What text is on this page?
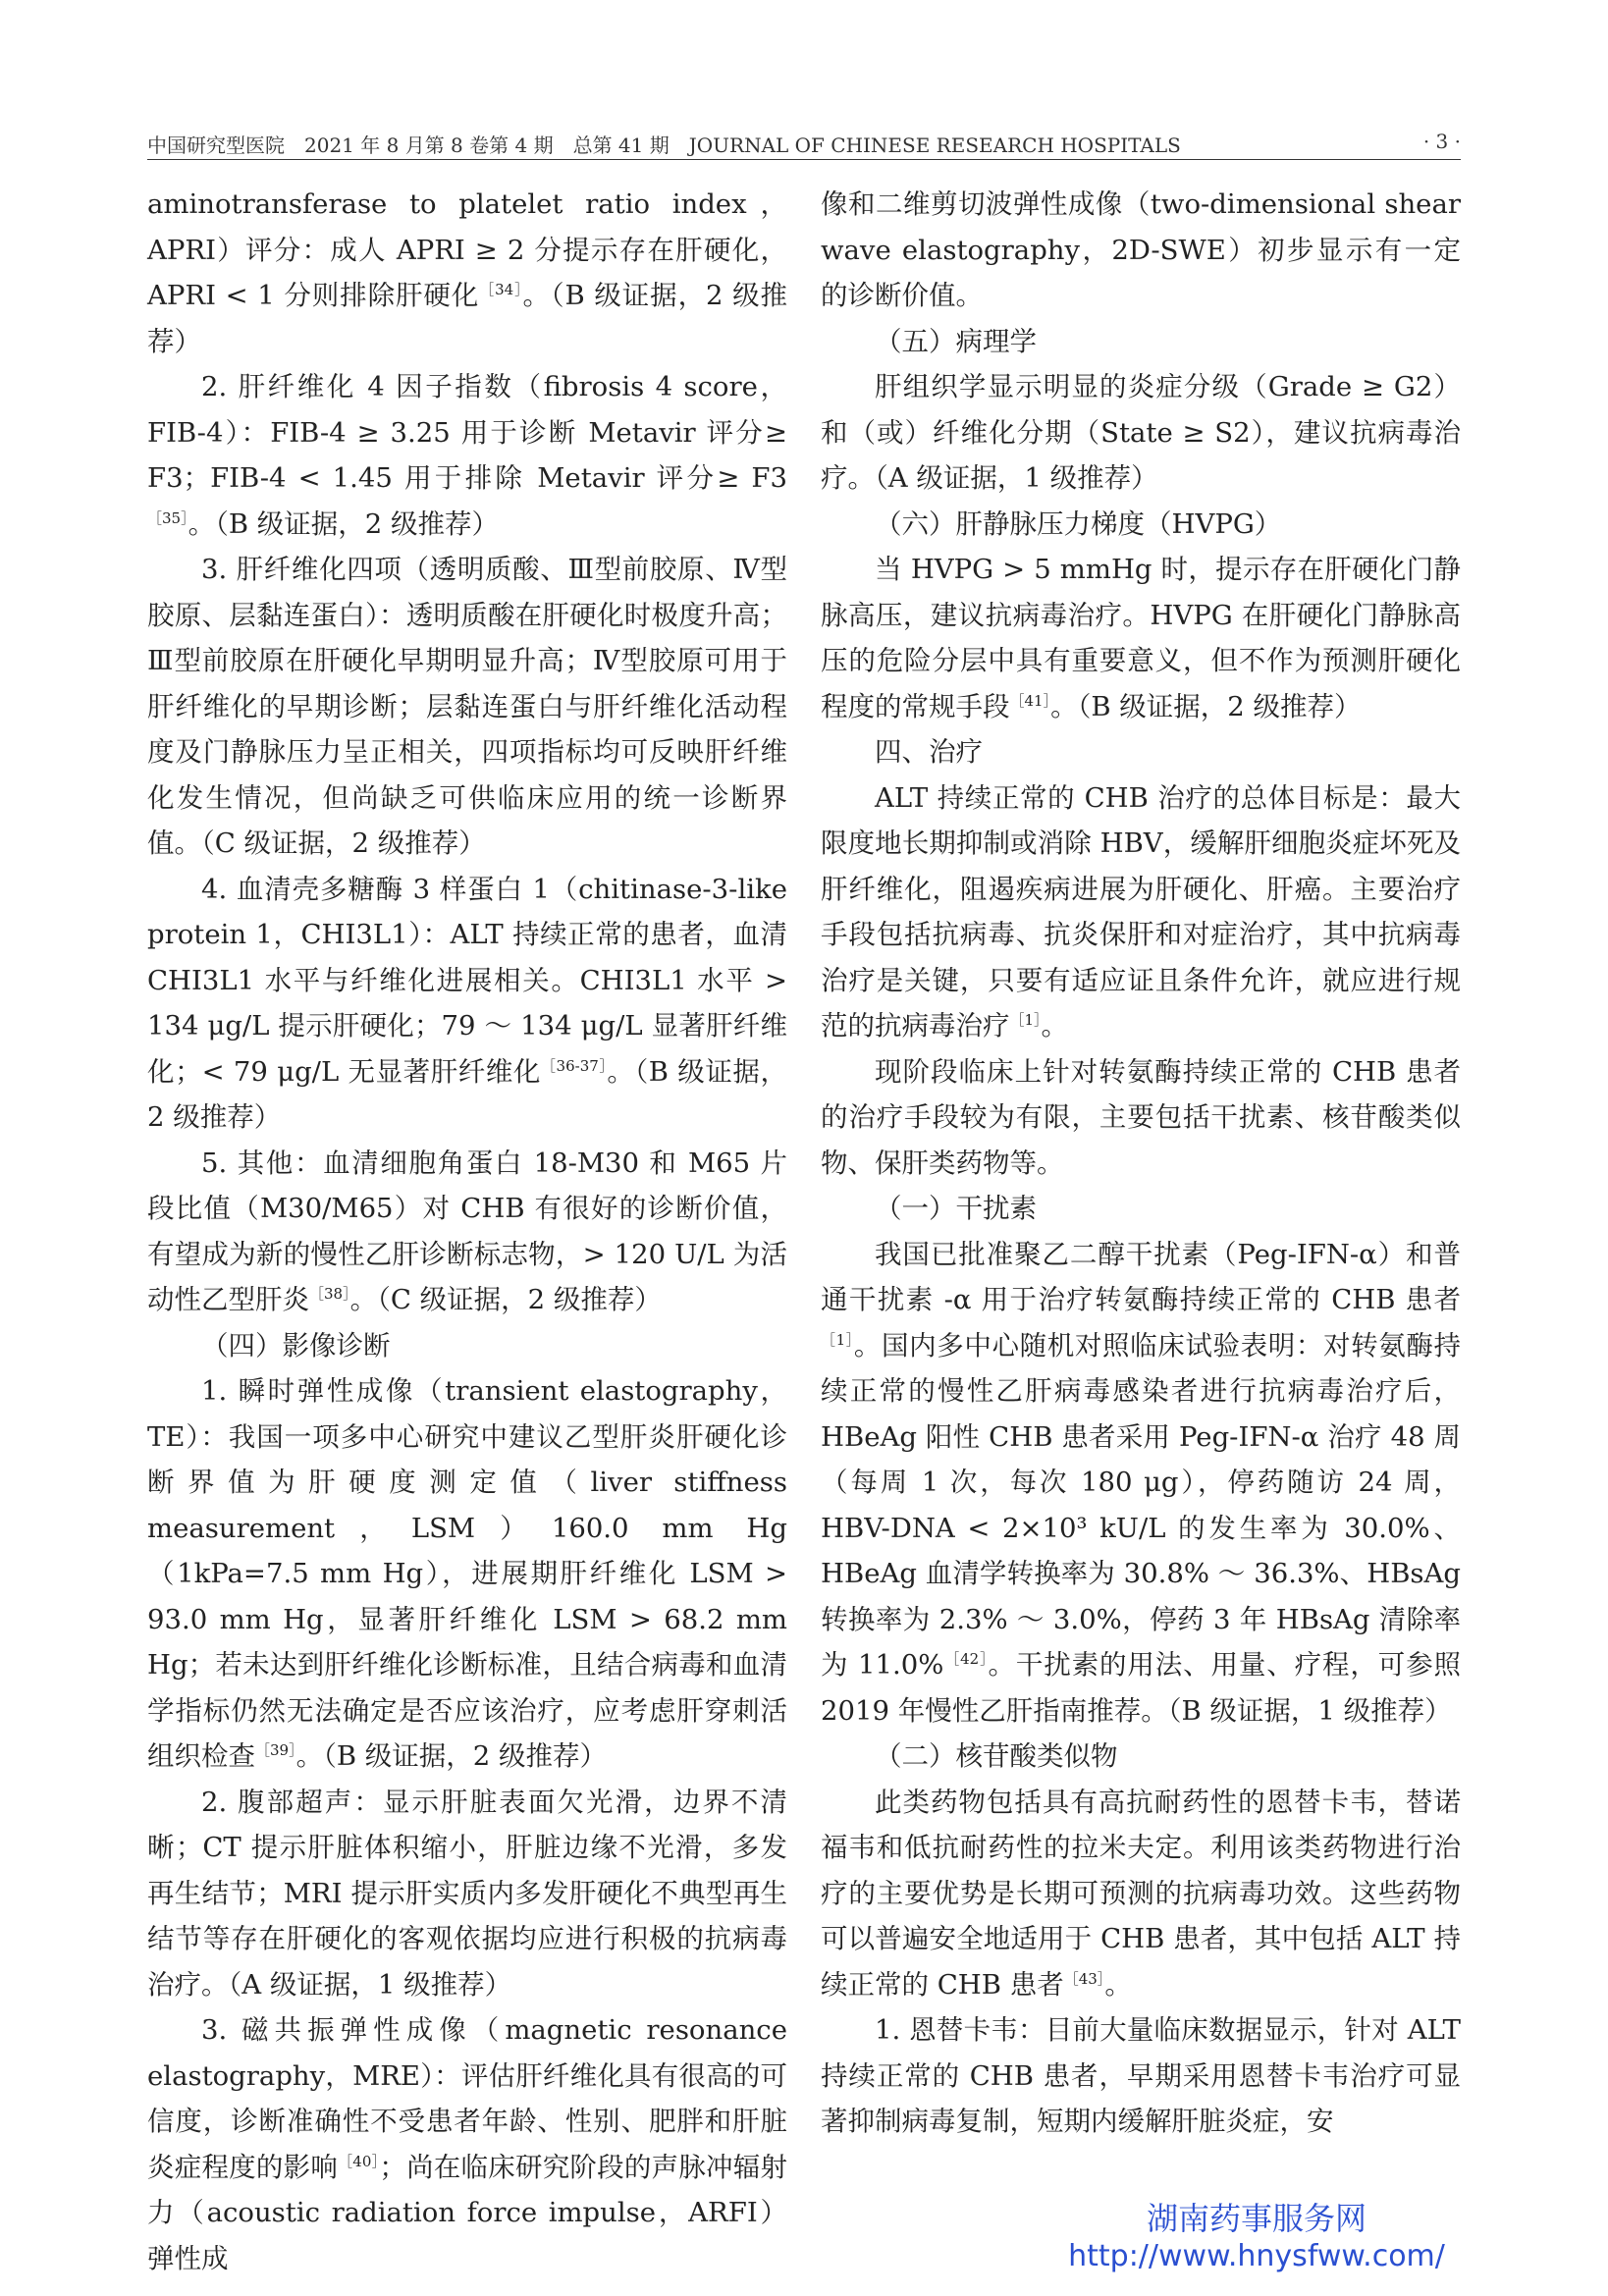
中国研究型医院　2021 年 8 月第 8 卷第 4 期　总第 41 期　JOURNAL OF CHINESE RESEARCH HOSPITALS	· 3 ·

aminotransferase to platelet ratio index，APRI）评分：成人 APRI ≥ 2 分提示存在肝硬化，APRI < 1 分则排除肝硬化$^{[34]}$。（B 级证据，2 级推荐）

2. 肝纤维化 4 因子指数（fibrosis 4 score，FIB-4）：FIB-4 ≥ 3.25 用于诊断 Metavir 评分≥ F3；FIB-4 < 1.45 用于排除 Metavir 评分≥ $F3^{[35]}$。（B 级证据，2 级推荐）

3. 肝纤维化四项（透明质酸、Ⅲ型前胶原、Ⅳ型胶原、层黏连蛋白）：透明质酸在肝硬化时极度升高；Ⅲ型前胶原在肝硬化早期明显升高；Ⅳ型胶原可用于肝纤维化的早期诊断；层黏连蛋白与肝纤维化活动程度及门静脉压力呈正相关，四项指标均可反映肝纤维化发生情况，但尚缺乏可供临床应用的统一诊断界值。（C 级证据，2 级推荐）

4. 血清壳多糖酶 3 样蛋白 1（chitinase-3-like protein 1，CHI3L1）：ALT 持续正常的患者，血清 CHI3L1 水平与纤维化进展相关。CHI3L1 水平 > 134 μg/L 提示肝硬化；79 ～ 134 μg/L 显著肝纤维化；< 79 μg/L 无显著肝纤维化$^{[36-37]}$。（B 级证据，2 级推荐）

5. 其他：血清细胞角蛋白 18-M30 和 M65 片段比值（M30/M65）对 CHB 有很好的诊断价值，有望成为新的慢性乙肝诊断标志物，> 120 U/L 为活动性乙型肝炎$^{[38]}$。（C 级证据，2 级推荐）

（四）影像诊断

1. 瞬时弹性成像（transient elastography，TE）：我国一项多中心研究中建议乙型肝炎肝硬化诊断界值为肝硬度测定值（liver stiffness measurement，LSM）160.0 mm Hg（1kPa=7.5 mm Hg），进展期肝纤维化 LSM > 93.0 mm Hg，显著肝纤维化 LSM > 68.2 mm Hg；若未达到肝纤维化诊断标准，且结合病毒和血清学指标仍然无法确定是否应该治疗，应考虑肝穿刺活组织检查$^{[39]}$。（B 级证据，2 级推荐）

2. 腹部超声：显示肝脏表面欠光滑，边界不清晰；CT 提示肝脏体积缩小，肝脏边缘不光滑，多发再生结节；MRI 提示肝实质内多发肝硬化不典型再生结节等存在肝硬化的客观依据均应进行积极的抗病毒治疗。（A 级证据，1 级推荐）

3. 磁共振弹性成像（magnetic resonance elastography，MRE）：评估肝纤维化具有很高的可信度，诊断准确性不受患者年龄、性别、肥胖和肝脏炎症程度的影响$^{[40]}$；尚在临床研究阶段的声脉冲辐射力（acoustic radiation force impulse，ARFI）弹性成

像和二维剪切波弹性成像（two-dimensional shear wave elastography，2D-SWE）初步显示有一定的诊断价值。

（五）病理学

肝组织学显示明显的炎症分级（Grade ≥ G2）和（或）纤维化分期（State ≥ S2），建议抗病毒治疗。（A 级证据，1 级推荐）

（六）肝静脉压力梯度（HVPG）

当 HVPG > 5 mmHg 时，提示存在肝硬化门静脉高压，建议抗病毒治疗。HVPG 在肝硬化门静脉高压的危险分层中具有重要意义，但不作为预测肝硬化程度的常规手段$^{[41]}$。（B 级证据，2 级推荐）

四、治疗

ALT 持续正常的 CHB 治疗的总体目标是：最大限度地长期抑制或消除 HBV，缓解肝细胞炎症坏死及肝纤维化，阻遏疾病进展为肝硬化、肝癌。主要治疗手段包括抗病毒、抗炎保肝和对症治疗，其中抗病毒治疗是关键，只要有适应证且条件允许，就应进行规范的抗病毒治疗$^{[1]}$。

现阶段临床上针对转氨酶持续正常的 CHB 患者的治疗手段较为有限，主要包括干扰素、核苷酸类似物、保肝类药物等。

（一）干扰素

我国已批准聚乙二醇干扰素（Peg-IFN-α）和普通干扰素 -α 用于治疗转氨酶持续正常的 CHB 患者$^{[1]}$。国内多中心随机对照临床试验表明：对转氨酶持续正常的慢性乙肝病毒感染者进行抗病毒治疗后，HBeAg 阳性 CHB 患者采用 Peg-IFN-α 治疗 48 周（每周 1 次，每次 180 μg），停药随访 24 周，HBV-DNA < 2×10³ kU/L 的发生率为 30.0%、HBeAg 血清学转换率为 30.8% ～ 36.3%、HBsAg 转换率为 2.3% ～ 3.0%，停药 3 年 HBsAg 清除率为 11.0%$^{[42]}$。干扰素的用法、用量、疗程，可参照 2019 年慢性乙肝指南推荐。（B 级证据，1 级推荐）

（二）核苷酸类似物

此类药物包括具有高抗耐药性的恩替卡韦，替诺福韦和低抗耐药性的拉米夫定。利用该类药物进行治疗的主要优势是长期可预测的抗病毒功效。这些药物可以普遍安全地适用于 CHB 患者，其中包括 ALT 持续正常的 CHB 患者$^{[43]}$。

1. 恩替卡韦：目前大量临床数据显示，针对 ALT 持续正常的 CHB 患者，早期采用恩替卡韦治疗可显著抑制病毒复制，短期内缓解肝脏炎症，安

湖南药事服务网
http://www.hnysfww.com/
